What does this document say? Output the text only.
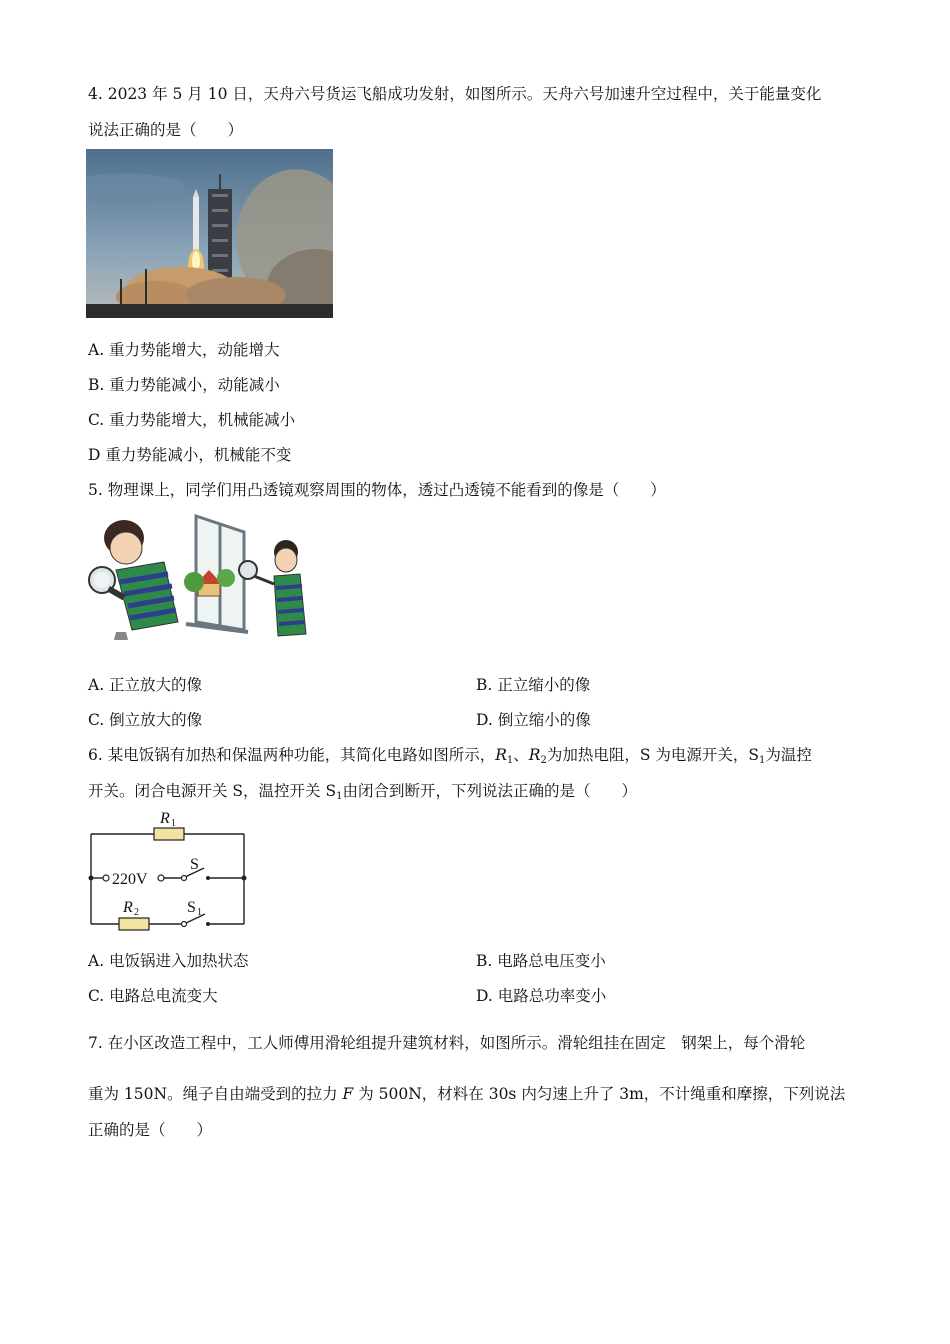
4. 2023 年 5 月 10 日，天舟六号货运飞船成功发射，如图所示。天舟六号加速升空过程中，关于能量变化
说法正确的是（　　）
A. 重力势能增大，动能增大
B. 重力势能减小，动能减小
C. 重力势能增大，机械能减小
D 重力势能减小，机械能不变
5. 物理课上，同学们用凸透镜观察周围的物体，透过凸透镜不能看到的像是（　　）
A. 正立放大的像	B. 正立缩小的像
C. 倒立放大的像	D. 倒立缩小的像
6. 某电饭锅有加热和保温两种功能，其简化电路如图所示，$R_1$、$R_2$为加热电阻，S 为电源开关，$S_1$为温控
开关。闭合电源开关 S，温控开关 $S_1$由闭合到断开，下列说法正确的是（　　）
R 1
220V
S
R 2	S 1
A. 电饭锅进入加热状态	B. 电路总电压变小
C. 电路总电流变大	D. 电路总功率变小
7. 在小区改造工程中，工人师傅用滑轮组提升建筑材料，如图所示。滑轮组挂在固定　钢架上，每个滑轮
重为 150N。绳子自由端受到的拉力 F 为 500N，材料在 30s 内匀速上升了 3m，不计绳重和摩擦，下列说法
正确的是（　　）
